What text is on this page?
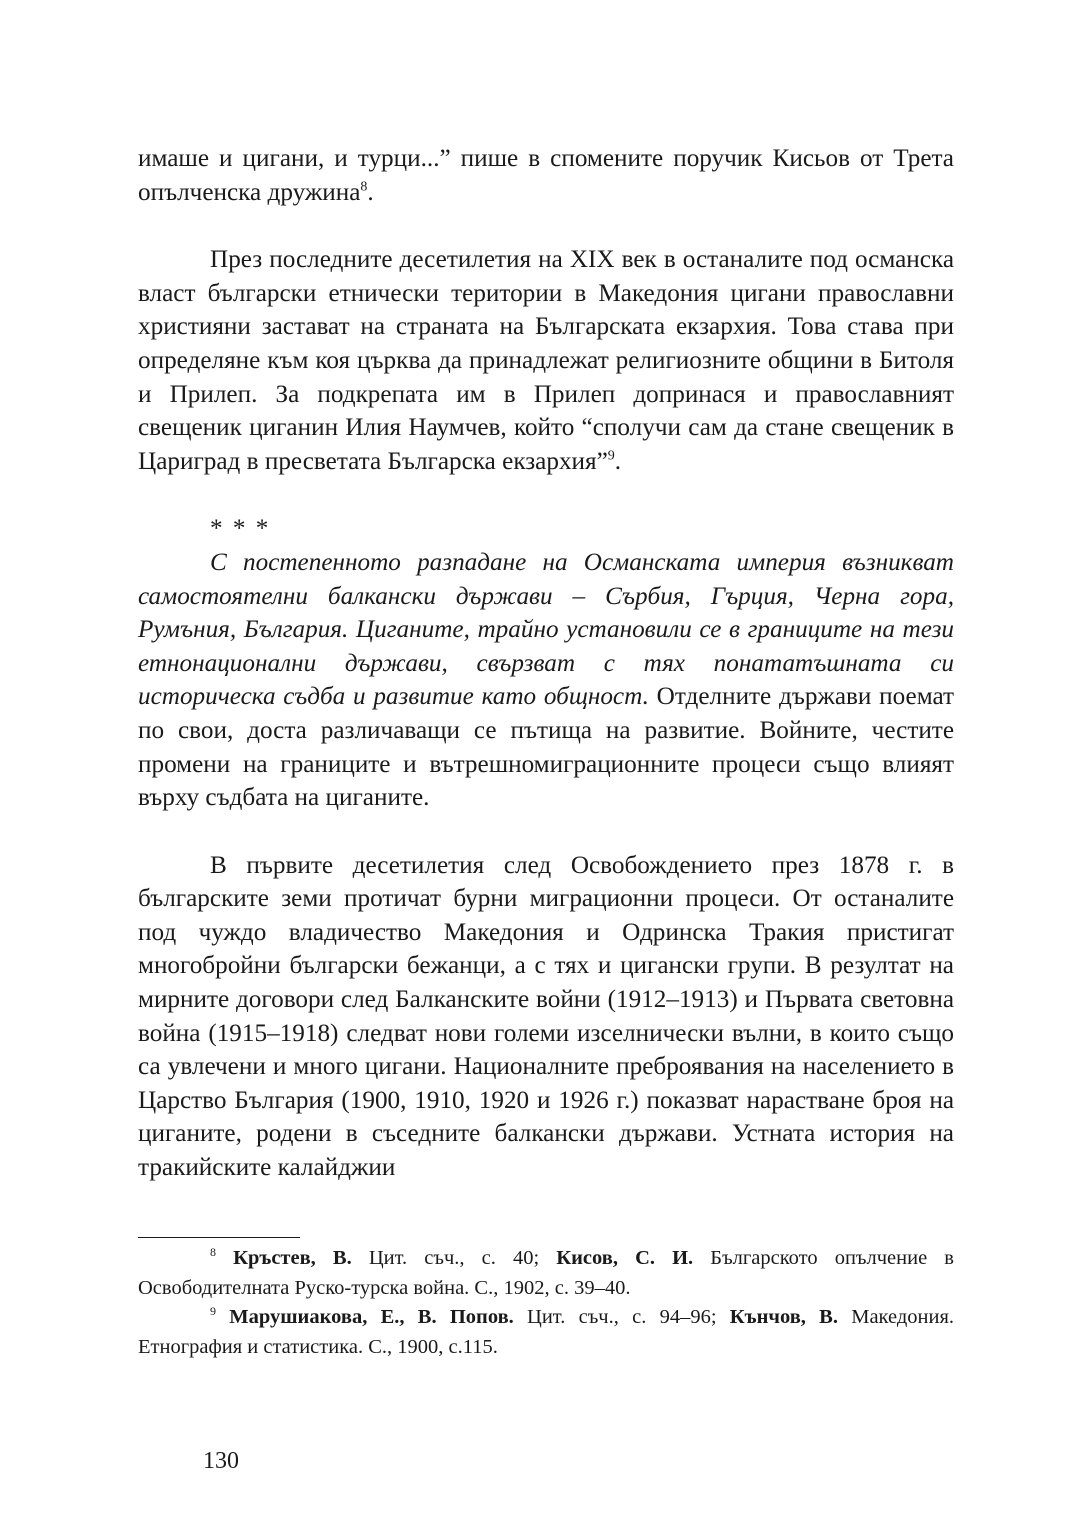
имаше и цигани, и турци...” пише в спомените поручик Кисьов от Трета опълченска дружина$^8$.

През последните десетилетия на XIX век в останалите под османска власт български етнически територии в Македония цигани православни християни застават на страната на Българската екзархия. Това става при определяне към коя църква да принадлежат религиозните общини в Битоля и Прилеп. За подкрепата им в Прилеп допринася и православният свещеник циганин Илия Наумчев, който “сполучи сам да стане свещеник в Цариград в пресветата Българска екзархия”$^9$.

* * *

С постепенното разпадане на Османската империя възникват самостоятелни балкански държави – Сърбия, Гърция, Черна гора, Румъния, България. Циганите, трайно установили се в границите на тези етнонационални държави, свързват с тях понататъшната си историческа съдба и развитие като общност. Отделните държави поемат по свои, доста различаващи се пътища на развитие. Войните, честите промени на границите и вътрешномиграционните процеси също влияят върху съдбата на циганите.

В първите десетилетия след Освобождението през 1878 г. в българските земи протичат бурни миграционни процеси. От останалите под чуждо владичество Македония и Одринска Тракия пристигат многобройни български бежанци, а с тях и цигански групи. В резултат на мирните договори след Балканските войни (1912–1913) и Първата световна война (1915–1918) следват нови големи изселнически вълни, в които също са увлечени и много цигани. Националните преброявания на населението в Царство България (1900, 1910, 1920 и 1926 г.) показват нарастване броя на циганите, родени в съседните балкански държави. Устната история на тракийските калайджии

$^8$ Кръстев, В. Цит. съч., с. 40; Кисов, С. И. Българското опълчение в Освободителната Руско-турска война. С., 1902, с. 39–40.

$^9$ Марушиакова, Е., В. Попов. Цит. съч., с. 94–96; Кънчов, В. Македония. Етнография и статистика. С., 1900, с.115.

130
